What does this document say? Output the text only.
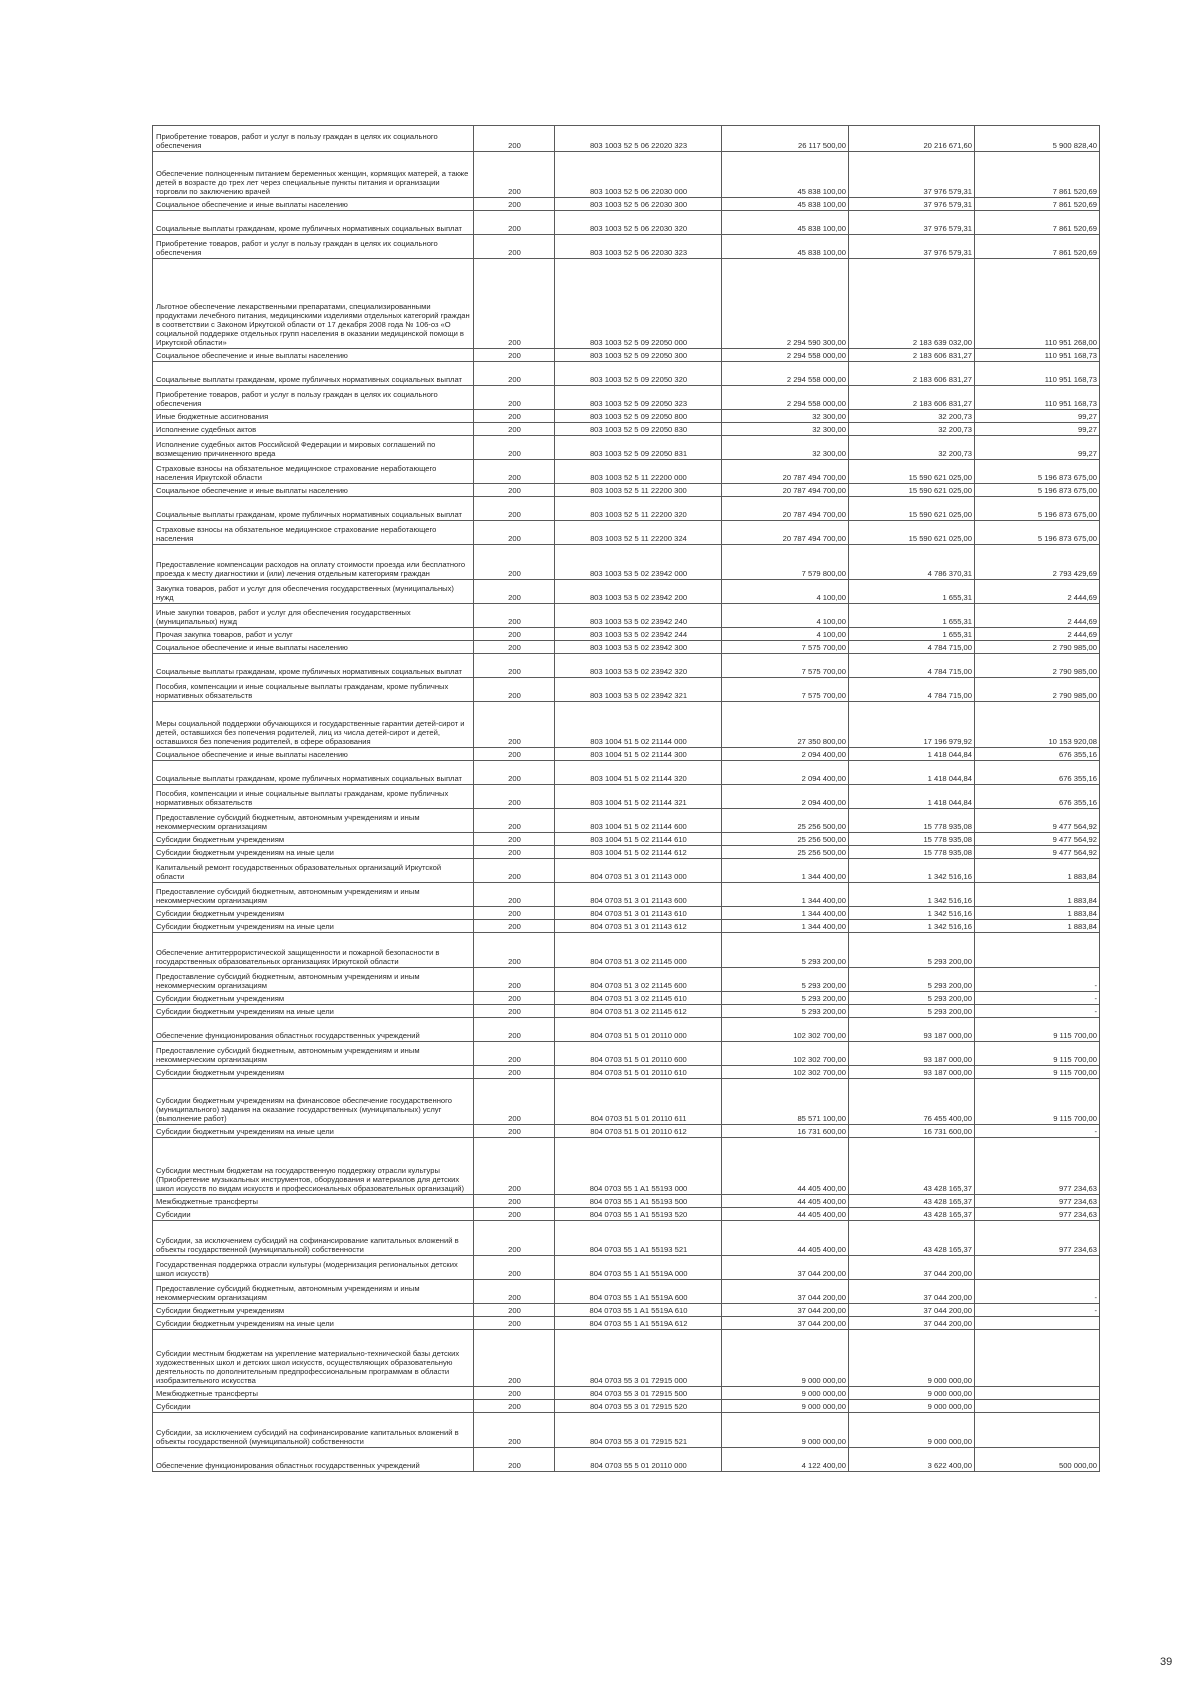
Приобретение товаров, работ и услуг в пользу граждан в целях их социального обеспечения	200	803 1003 52 5 06 22020 323	26 117 500,00	20 216 671,60	5 900 828,40
Обеспечение полноценным питанием беременных женщин, кормящих матерей, а также детей в возрасте до трех лет через специальные пункты питания и организации торговли по заключению врачей	200	803 1003 52 5 06 22030 000	45 838 100,00	37 976 579,31	7 861 520,69
Социальное обеспечение и иные выплаты населению	200	803 1003 52 5 06 22030 300	45 838 100,00	37 976 579,31	7 861 520,69
Социальные выплаты гражданам, кроме публичных нормативных социальных выплат	200	803 1003 52 5 06 22030 320	45 838 100,00	37 976 579,31	7 861 520,69
Приобретение товаров, работ и услуг в пользу граждан в целях их социального обеспечения	200	803 1003 52 5 06 22030 323	45 838 100,00	37 976 579,31	7 861 520,69
Льготное обеспечение лекарственными препаратами, специализированными продуктами лечебного питания, медицинскими изделиями отдельных категорий граждан в соответствии с Законом Иркутской области от 17 декабря 2008 года № 106-оз «О социальной поддержке отдельных групп населения в оказании медицинской помощи в Иркутской области»	200	803 1003 52 5 09 22050 000	2 294 590 300,00	2 183 639 032,00	110 951 268,00
Социальное обеспечение и иные выплаты населению	200	803 1003 52 5 09 22050 300	2 294 558 000,00	2 183 606 831,27	110 951 168,73
Социальные выплаты гражданам, кроме публичных нормативных социальных выплат	200	803 1003 52 5 09 22050 320	2 294 558 000,00	2 183 606 831,27	110 951 168,73
Приобретение товаров, работ и услуг в пользу граждан в целях их социального обеспечения	200	803 1003 52 5 09 22050 323	2 294 558 000,00	2 183 606 831,27	110 951 168,73
Иные бюджетные ассигнования	200	803 1003 52 5 09 22050 800	32 300,00	32 200,73	99,27
Исполнение судебных актов	200	803 1003 52 5 09 22050 830	32 300,00	32 200,73	99,27
Исполнение судебных актов Российской Федерации и мировых соглашений по возмещению причиненного вреда	200	803 1003 52 5 09 22050 831	32 300,00	32 200,73	99,27
Страховые взносы на обязательное медицинское страхование неработающего населения Иркутской области	200	803 1003 52 5 11 22200 000	20 787 494 700,00	15 590 621 025,00	5 196 873 675,00
Социальное обеспечение и иные выплаты населению	200	803 1003 52 5 11 22200 300	20 787 494 700,00	15 590 621 025,00	5 196 873 675,00
Социальные выплаты гражданам, кроме публичных нормативных социальных выплат	200	803 1003 52 5 11 22200 320	20 787 494 700,00	15 590 621 025,00	5 196 873 675,00
Страховые взносы на обязательное медицинское страхование неработающего населения	200	803 1003 52 5 11 22200 324	20 787 494 700,00	15 590 621 025,00	5 196 873 675,00
Предоставление компенсации расходов на оплату стоимости проезда или бесплатного проезда к месту диагностики и (или) лечения отдельным категориям граждан	200	803 1003 53 5 02 23942 000	7 579 800,00	4 786 370,31	2 793 429,69
Закупка товаров, работ и услуг для обеспечения государственных (муниципальных) нужд	200	803 1003 53 5 02 23942 200	4 100,00	1 655,31	2 444,69
Иные закупки товаров, работ и услуг для обеспечения государственных (муниципальных) нужд	200	803 1003 53 5 02 23942 240	4 100,00	1 655,31	2 444,69
Прочая закупка товаров, работ и услуг	200	803 1003 53 5 02 23942 244	4 100,00	1 655,31	2 444,69
Социальное обеспечение и иные выплаты населению	200	803 1003 53 5 02 23942 300	7 575 700,00	4 784 715,00	2 790 985,00
Социальные выплаты гражданам, кроме публичных нормативных социальных выплат	200	803 1003 53 5 02 23942 320	7 575 700,00	4 784 715,00	2 790 985,00
Пособия, компенсации и иные социальные выплаты гражданам, кроме публичных нормативных обязательств	200	803 1003 53 5 02 23942 321	7 575 700,00	4 784 715,00	2 790 985,00
Меры социальной поддержки обучающихся и государственные гарантии детей-сирот и детей, оставшихся без попечения родителей, лиц из числа детей-сирот и детей, оставшихся без попечения родителей, в сфере образования	200	803 1004 51 5 02 21144 000	27 350 800,00	17 196 979,92	10 153 920,08
Социальное обеспечение и иные выплаты населению	200	803 1004 51 5 02 21144 300	2 094 400,00	1 418 044,84	676 355,16
Социальные выплаты гражданам, кроме публичных нормативных социальных выплат	200	803 1004 51 5 02 21144 320	2 094 400,00	1 418 044,84	676 355,16
Пособия, компенсации и иные социальные выплаты гражданам, кроме публичных нормативных обязательств	200	803 1004 51 5 02 21144 321	2 094 400,00	1 418 044,84	676 355,16
Предоставление субсидий бюджетным, автономным учреждениям и иным некоммерческим организациям	200	803 1004 51 5 02 21144 600	25 256 500,00	15 778 935,08	9 477 564,92
Субсидии бюджетным учреждениям	200	803 1004 51 5 02 21144 610	25 256 500,00	15 778 935,08	9 477 564,92
Субсидии бюджетным учреждениям на иные цели	200	803 1004 51 5 02 21144 612	25 256 500,00	15 778 935,08	9 477 564,92
Капитальный ремонт государственных образовательных организаций Иркутской области	200	804 0703 51 3 01 21143 000	1 344 400,00	1 342 516,16	1 883,84
Предоставление субсидий бюджетным, автономным учреждениям и иным некоммерческим организациям	200	804 0703 51 3 01 21143 600	1 344 400,00	1 342 516,16	1 883,84
Субсидии бюджетным учреждениям	200	804 0703 51 3 01 21143 610	1 344 400,00	1 342 516,16	1 883,84
Субсидии бюджетным учреждениям на иные цели	200	804 0703 51 3 01 21143 612	1 344 400,00	1 342 516,16	1 883,84
Обеспечение антитеррористической защищенности и пожарной безопасности в государственных образовательных организациях Иркутской области	200	804 0703 51 3 02 21145 000	5 293 200,00	5 293 200,00	
Предоставление субсидий бюджетным, автономным учреждениям и иным некоммерческим организациям	200	804 0703 51 3 02 21145 600	5 293 200,00	5 293 200,00	-
Субсидии бюджетным учреждениям	200	804 0703 51 3 02 21145 610	5 293 200,00	5 293 200,00	-
Субсидии бюджетным учреждениям на иные цели	200	804 0703 51 3 02 21145 612	5 293 200,00	5 293 200,00	-
Обеспечение функционирования областных государственных учреждений	200	804 0703 51 5 01 20110 000	102 302 700,00	93 187 000,00	9 115 700,00
Предоставление субсидий бюджетным, автономным учреждениям и иным некоммерческим организациям	200	804 0703 51 5 01 20110 600	102 302 700,00	93 187 000,00	9 115 700,00
Субсидии бюджетным учреждениям	200	804 0703 51 5 01 20110 610	102 302 700,00	93 187 000,00	9 115 700,00
Субсидии бюджетным учреждениям на финансовое обеспечение государственного (муниципального) задания на оказание государственных (муниципальных) услуг (выполнение работ)	200	804 0703 51 5 01 20110 611	85 571 100,00	76 455 400,00	9 115 700,00
Субсидии бюджетным учреждениям на иные цели	200	804 0703 51 5 01 20110 612	16 731 600,00	16 731 600,00	-
Субсидии местным бюджетам на государственную поддержку отрасли культуры (Приобретение музыкальных инструментов, оборудования и материалов для детских школ искусств по видам искусств и профессиональных образовательных организаций)	200	804 0703 55 1 A1 55193 000	44 405 400,00	43 428 165,37	977 234,63
Межбюджетные трансферты	200	804 0703 55 1 A1 55193 500	44 405 400,00	43 428 165,37	977 234,63
Субсидии	200	804 0703 55 1 A1 55193 520	44 405 400,00	43 428 165,37	977 234,63
Субсидии, за исключением субсидий на софинансирование капитальных вложений в объекты государственной (муниципальной) собственности	200	804 0703 55 1 A1 55193 521	44 405 400,00	43 428 165,37	977 234,63
Государственная поддержка отрасли культуры (модернизация региональных детских школ искусств)	200	804 0703 55 1 A1 5519A 000	37 044 200,00	37 044 200,00	
Предоставление субсидий бюджетным, автономным учреждениям и иным некоммерческим организациям	200	804 0703 55 1 A1 5519A 600	37 044 200,00	37 044 200,00	-
Субсидии бюджетным учреждениям	200	804 0703 55 1 A1 5519A 610	37 044 200,00	37 044 200,00	-
Субсидии бюджетным учреждениям на иные цели	200	804 0703 55 1 A1 5519A 612	37 044 200,00	37 044 200,00	
Субсидии местным бюджетам на укрепление материально-технической базы детских художественных школ и детских школ искусств, осуществляющих образовательную деятельность по дополнительным предпрофессиональным программам в области изобразительного искусства	200	804 0703 55 3 01 72915 000	9 000 000,00	9 000 000,00	
Межбюджетные трансферты	200	804 0703 55 3 01 72915 500	9 000 000,00	9 000 000,00	
Субсидии	200	804 0703 55 3 01 72915 520	9 000 000,00	9 000 000,00	
Субсидии, за исключением субсидий на софинансирование капитальных вложений в объекты государственной (муниципальной) собственности	200	804 0703 55 3 01 72915 521	9 000 000,00	9 000 000,00	
Обеспечение функционирования областных государственных учреждений	200	804 0703 55 5 01 20110 000	4 122 400,00	3 622 400,00	500 000,00
39
